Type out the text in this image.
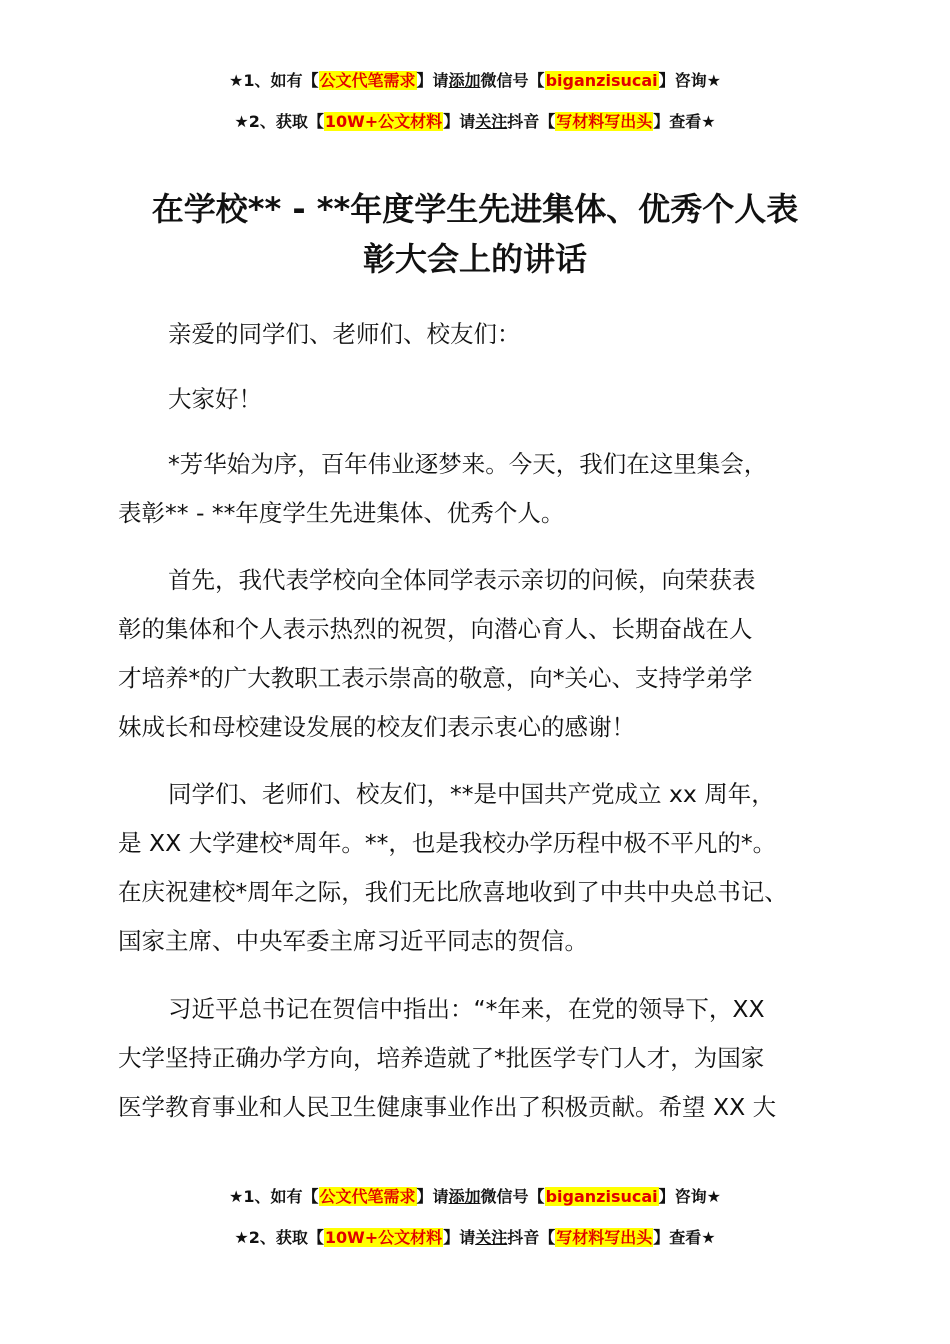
★1、如有【公文代笔需求】请添加微信号【biganzisucai】咨询★
★2、获取【10W+公文材料】请关注抖音【写材料写出头】查看★
在学校** - **年度学生先进集体、优秀个人表
彰大会上的讲话
亲爱的同学们、老师们、校友们：
大家好！
*芳华始为序，百年伟业逐梦来。今天，我们在这里集会，
表彰** - **年度学生先进集体、优秀个人。
首先，我代表学校向全体同学表示亲切的问候，向荣获表
彰的集体和个人表示热烈的祝贺，向潜心育人、长期奋战在人
才培养*的广大教职工表示崇高的敬意，向*关心、支持学弟学
妹成长和母校建设发展的校友们表示衷心的感谢！
同学们、老师们、校友们，**是中国共产党成立 xx 周年，
是 XX 大学建校*周年。**，也是我校办学历程中极不平凡的*。
在庆祝建校*周年之际，我们无比欣喜地收到了中共中央总书记、
国家主席、中央军委主席习近平同志的贺信。
习近平总书记在贺信中指出：“*年来，在党的领导下，XX
大学坚持正确办学方向，培养造就了*批医学专门人才，为国家
医学教育事业和人民卫生健康事业作出了积极贡献。希望 XX 大
★1、如有【公文代笔需求】请添加微信号【biganzisucai】咨询★
★2、获取【10W+公文材料】请关注抖音【写材料写出头】查看★
